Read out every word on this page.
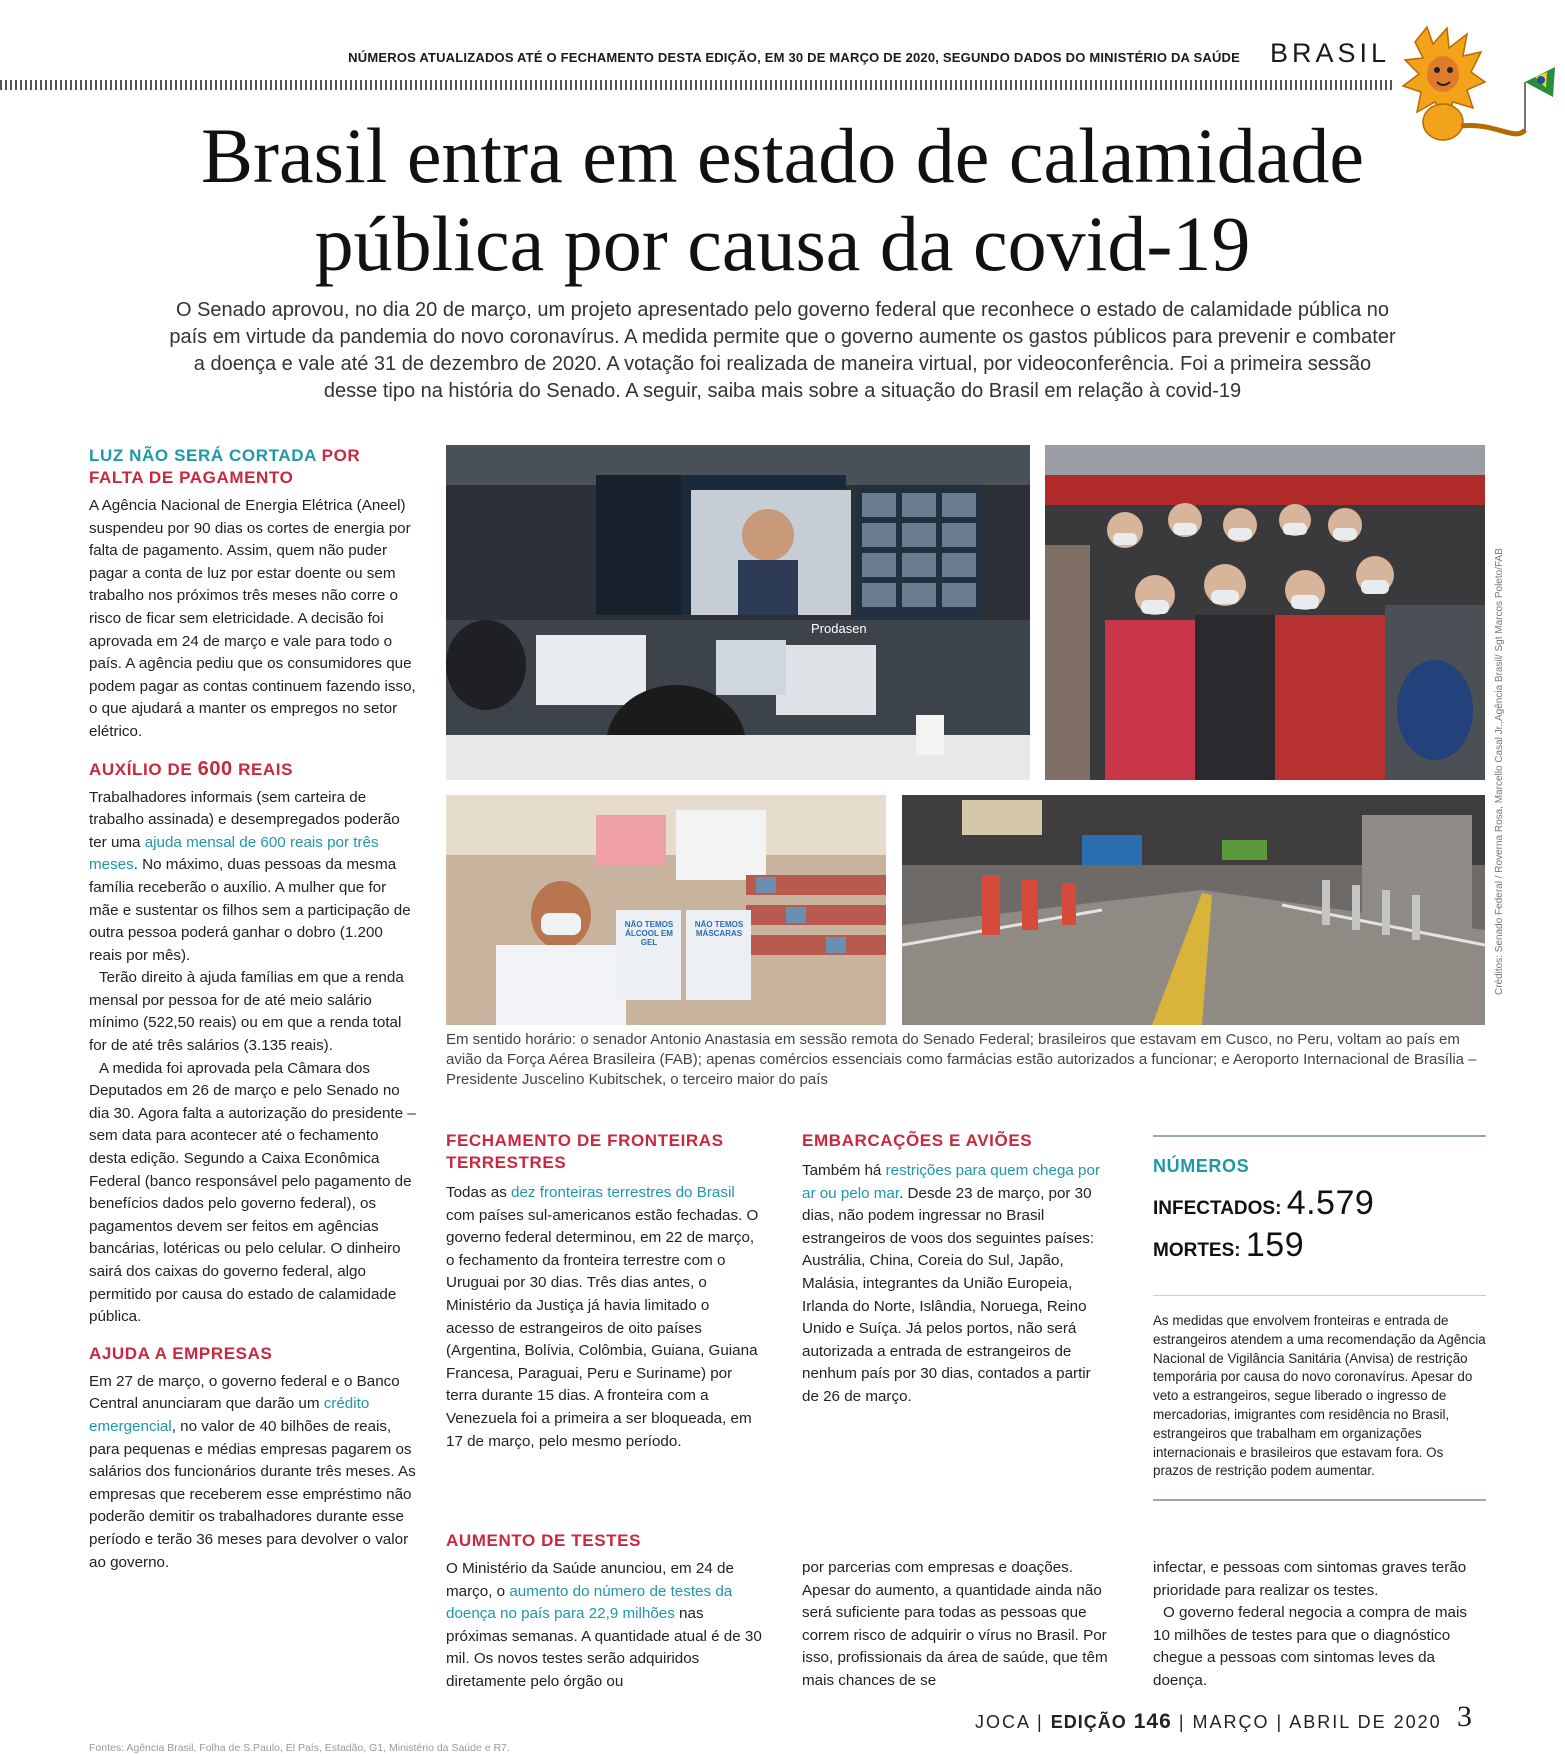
NÚMEROS ATUALIZADOS ATÉ O FECHAMENTO DESTA EDIÇÃO, EM 30 DE MARÇO DE 2020, SEGUNDO DADOS DO MINISTÉRIO DA SAÚDE BRASIL
Brasil entra em estado de calamidade
pública por causa da covid-19
O Senado aprovou, no dia 20 de março, um projeto apresentado pelo governo federal que reconhece o estado de calamidade pública no país em virtude da pandemia do novo coronavírus. A medida permite que o governo aumente os gastos públicos para prevenir e combater a doença e vale até 31 de dezembro de 2020. A votação foi realizada de maneira virtual, por videoconferência. Foi a primeira sessão desse tipo na história do Senado. A seguir, saiba mais sobre a situação do Brasil em relação à covid-19
LUZ NÃO SERÁ CORTADA POR FALTA DE PAGAMENTO
A Agência Nacional de Energia Elétrica (Aneel) suspendeu por 90 dias os cortes de energia por falta de pagamento. Assim, quem não puder pagar a conta de luz por estar doente ou sem trabalho nos próximos três meses não corre o risco de ficar sem eletricidade. A decisão foi aprovada em 24 de março e vale para todo o país. A agência pediu que os consumidores que podem pagar as contas continuem fazendo isso, o que ajudará a manter os empregos no setor elétrico.
AUXÍLIO DE 600 REAIS
Trabalhadores informais (sem carteira de trabalho assinada) e desempregados poderão ter uma ajuda mensal de 600 reais por três meses. No máximo, duas pessoas da mesma família receberão o auxílio. A mulher que for mãe e sustentar os filhos sem a participação de outra pessoa poderá ganhar o dobro (1.200 reais por mês).
Terão direito à ajuda famílias em que a renda mensal por pessoa for de até meio salário mínimo (522,50 reais) ou em que a renda total for de até três salários (3.135 reais).
A medida foi aprovada pela Câmara dos Deputados em 26 de março e pelo Senado no dia 30. Agora falta a autorização do presidente – sem data para acontecer até o fechamento desta edição. Segundo a Caixa Econômica Federal (banco responsável pelo pagamento de benefícios dados pelo governo federal), os pagamentos devem ser feitos em agências bancárias, lotéricas ou pelo celular. O dinheiro sairá dos caixas do governo federal, algo permitido por causa do estado de calamidade pública.
AJUDA A EMPRESAS
Em 27 de março, o governo federal e o Banco Central anunciaram que darão um crédito emergencial, no valor de 40 bilhões de reais, para pequenas e médias empresas pagarem os salários dos funcionários durante três meses. As empresas que receberem esse empréstimo não poderão demitir os trabalhadores durante esse período e terão 36 meses para devolver o valor ao governo.
Prodasen
NÃO TEMOS ÁLCOOL EM GEL
NÃO TEMOS MÁSCARAS	Créditos: Senado Federal / Roverna Rosa, Marcello Casal Jr.,Agência Brasil/ Sgt Marcos Poleto/FAB
Em sentido horário: o senador Antonio Anastasia em sessão remota do Senado Federal; brasileiros que estavam em Cusco, no Peru, voltam ao país em avião da Força Aérea Brasileira (FAB); apenas comércios essenciais como farmácias estão autorizados a funcionar; e Aeroporto Internacional de Brasília – Presidente Juscelino Kubitschek, o terceiro maior do país
FECHAMENTO DE FRONTEIRAS TERRESTRES
Todas as dez fronteiras terrestres do Brasil com países sul-americanos estão fechadas. O governo federal determinou, em 22 de março, o fechamento da fronteira terrestre com o Uruguai por 30 dias. Três dias antes, o Ministério da Justiça já havia limitado o acesso de estrangeiros de oito países (Argentina, Bolívia, Colômbia, Guiana, Guiana Francesa, Paraguai, Peru e Suriname) por terra durante 15 dias. A fronteira com a Venezuela foi a primeira a ser bloqueada, em 17 de março, pelo mesmo período.
EMBARCAÇÕES E AVIÕES
Também há restrições para quem chega por ar ou pelo mar. Desde 23 de março, por 30 dias, não podem ingressar no Brasil estrangeiros de voos dos seguintes países: Austrália, China, Coreia do Sul, Japão, Malásia, integrantes da União Europeia, Irlanda do Norte, Islândia, Noruega, Reino Unido e Suíça. Já pelos portos, não será autorizada a entrada de estrangeiros de nenhum país por 30 dias, contados a partir de 26 de março.
NÚMEROS
INFECTADOS: 4.579
MORTES: 159
As medidas que envolvem fronteiras e entrada de estrangeiros atendem a uma recomendação da Agência Nacional de Vigilância Sanitária (Anvisa) de restrição temporária por causa do novo coronavírus. Apesar do veto a estrangeiros, segue liberado o ingresso de mercadorias, imigrantes com residência no Brasil, estrangeiros que trabalham em organizações internacionais e brasileiros que estavam fora. Os prazos de restrição podem aumentar.
AUMENTO DE TESTES
O Ministério da Saúde anunciou, em 24 de março, o aumento do número de testes da doença no país para 22,9 milhões nas próximas semanas. A quantidade atual é de 30 mil. Os novos testes serão adquiridos diretamente pelo órgão ou
por parcerias com empresas e doações. Apesar do aumento, a quantidade ainda não será suficiente para todas as pessoas que correm risco de adquirir o vírus no Brasil. Por isso, profissionais da área de saúde, que têm mais chances de se
infectar, e pessoas com sintomas graves terão prioridade para realizar os testes.
O governo federal negocia a compra de mais 10 milhões de testes para que o diagnóstico chegue a pessoas com sintomas leves da doença.
Fontes: Agência Brasil, Folha de S.Paulo, El País, Estadão, G1, Ministério da Saúde e R7.
JOCA | EDIÇÃO 146 | MARÇO | ABRIL DE 2020 3
